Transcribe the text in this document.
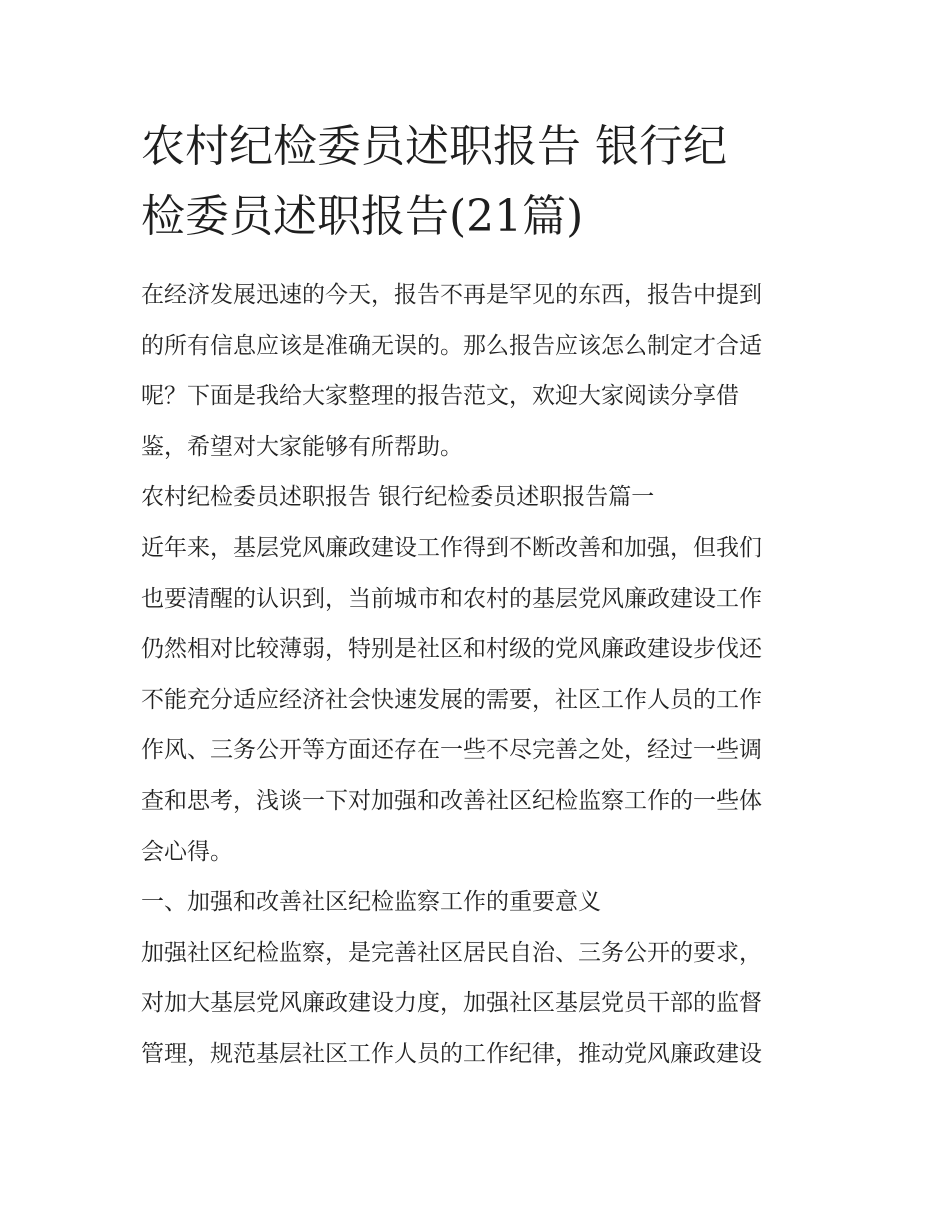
农村纪检委员述职报告 银行纪
检委员述职报告(21篇)

在经济发展迅速的今天，报告不再是罕见的东西，报告中提到
的所有信息应该是准确无误的。那么报告应该怎么制定才合适
呢？下面是我给大家整理的报告范文，欢迎大家阅读分享借
鉴，希望对大家能够有所帮助。

农村纪检委员述职报告 银行纪检委员述职报告篇一

近年来，基层党风廉政建设工作得到不断改善和加强，但我们
也要清醒的认识到，当前城市和农村的基层党风廉政建设工作
仍然相对比较薄弱，特别是社区和村级的党风廉政建设步伐还
不能充分适应经济社会快速发展的需要，社区工作人员的工作
作风、三务公开等方面还存在一些不尽完善之处，经过一些调
查和思考，浅谈一下对加强和改善社区纪检监察工作的一些体
会心得。

一、加强和改善社区纪检监察工作的重要意义

加强社区纪检监察，是完善社区居民自治、三务公开的要求，
对加大基层党风廉政建设力度，加强社区基层党员干部的监督
管理，规范基层社区工作人员的工作纪律，推动党风廉政建设
